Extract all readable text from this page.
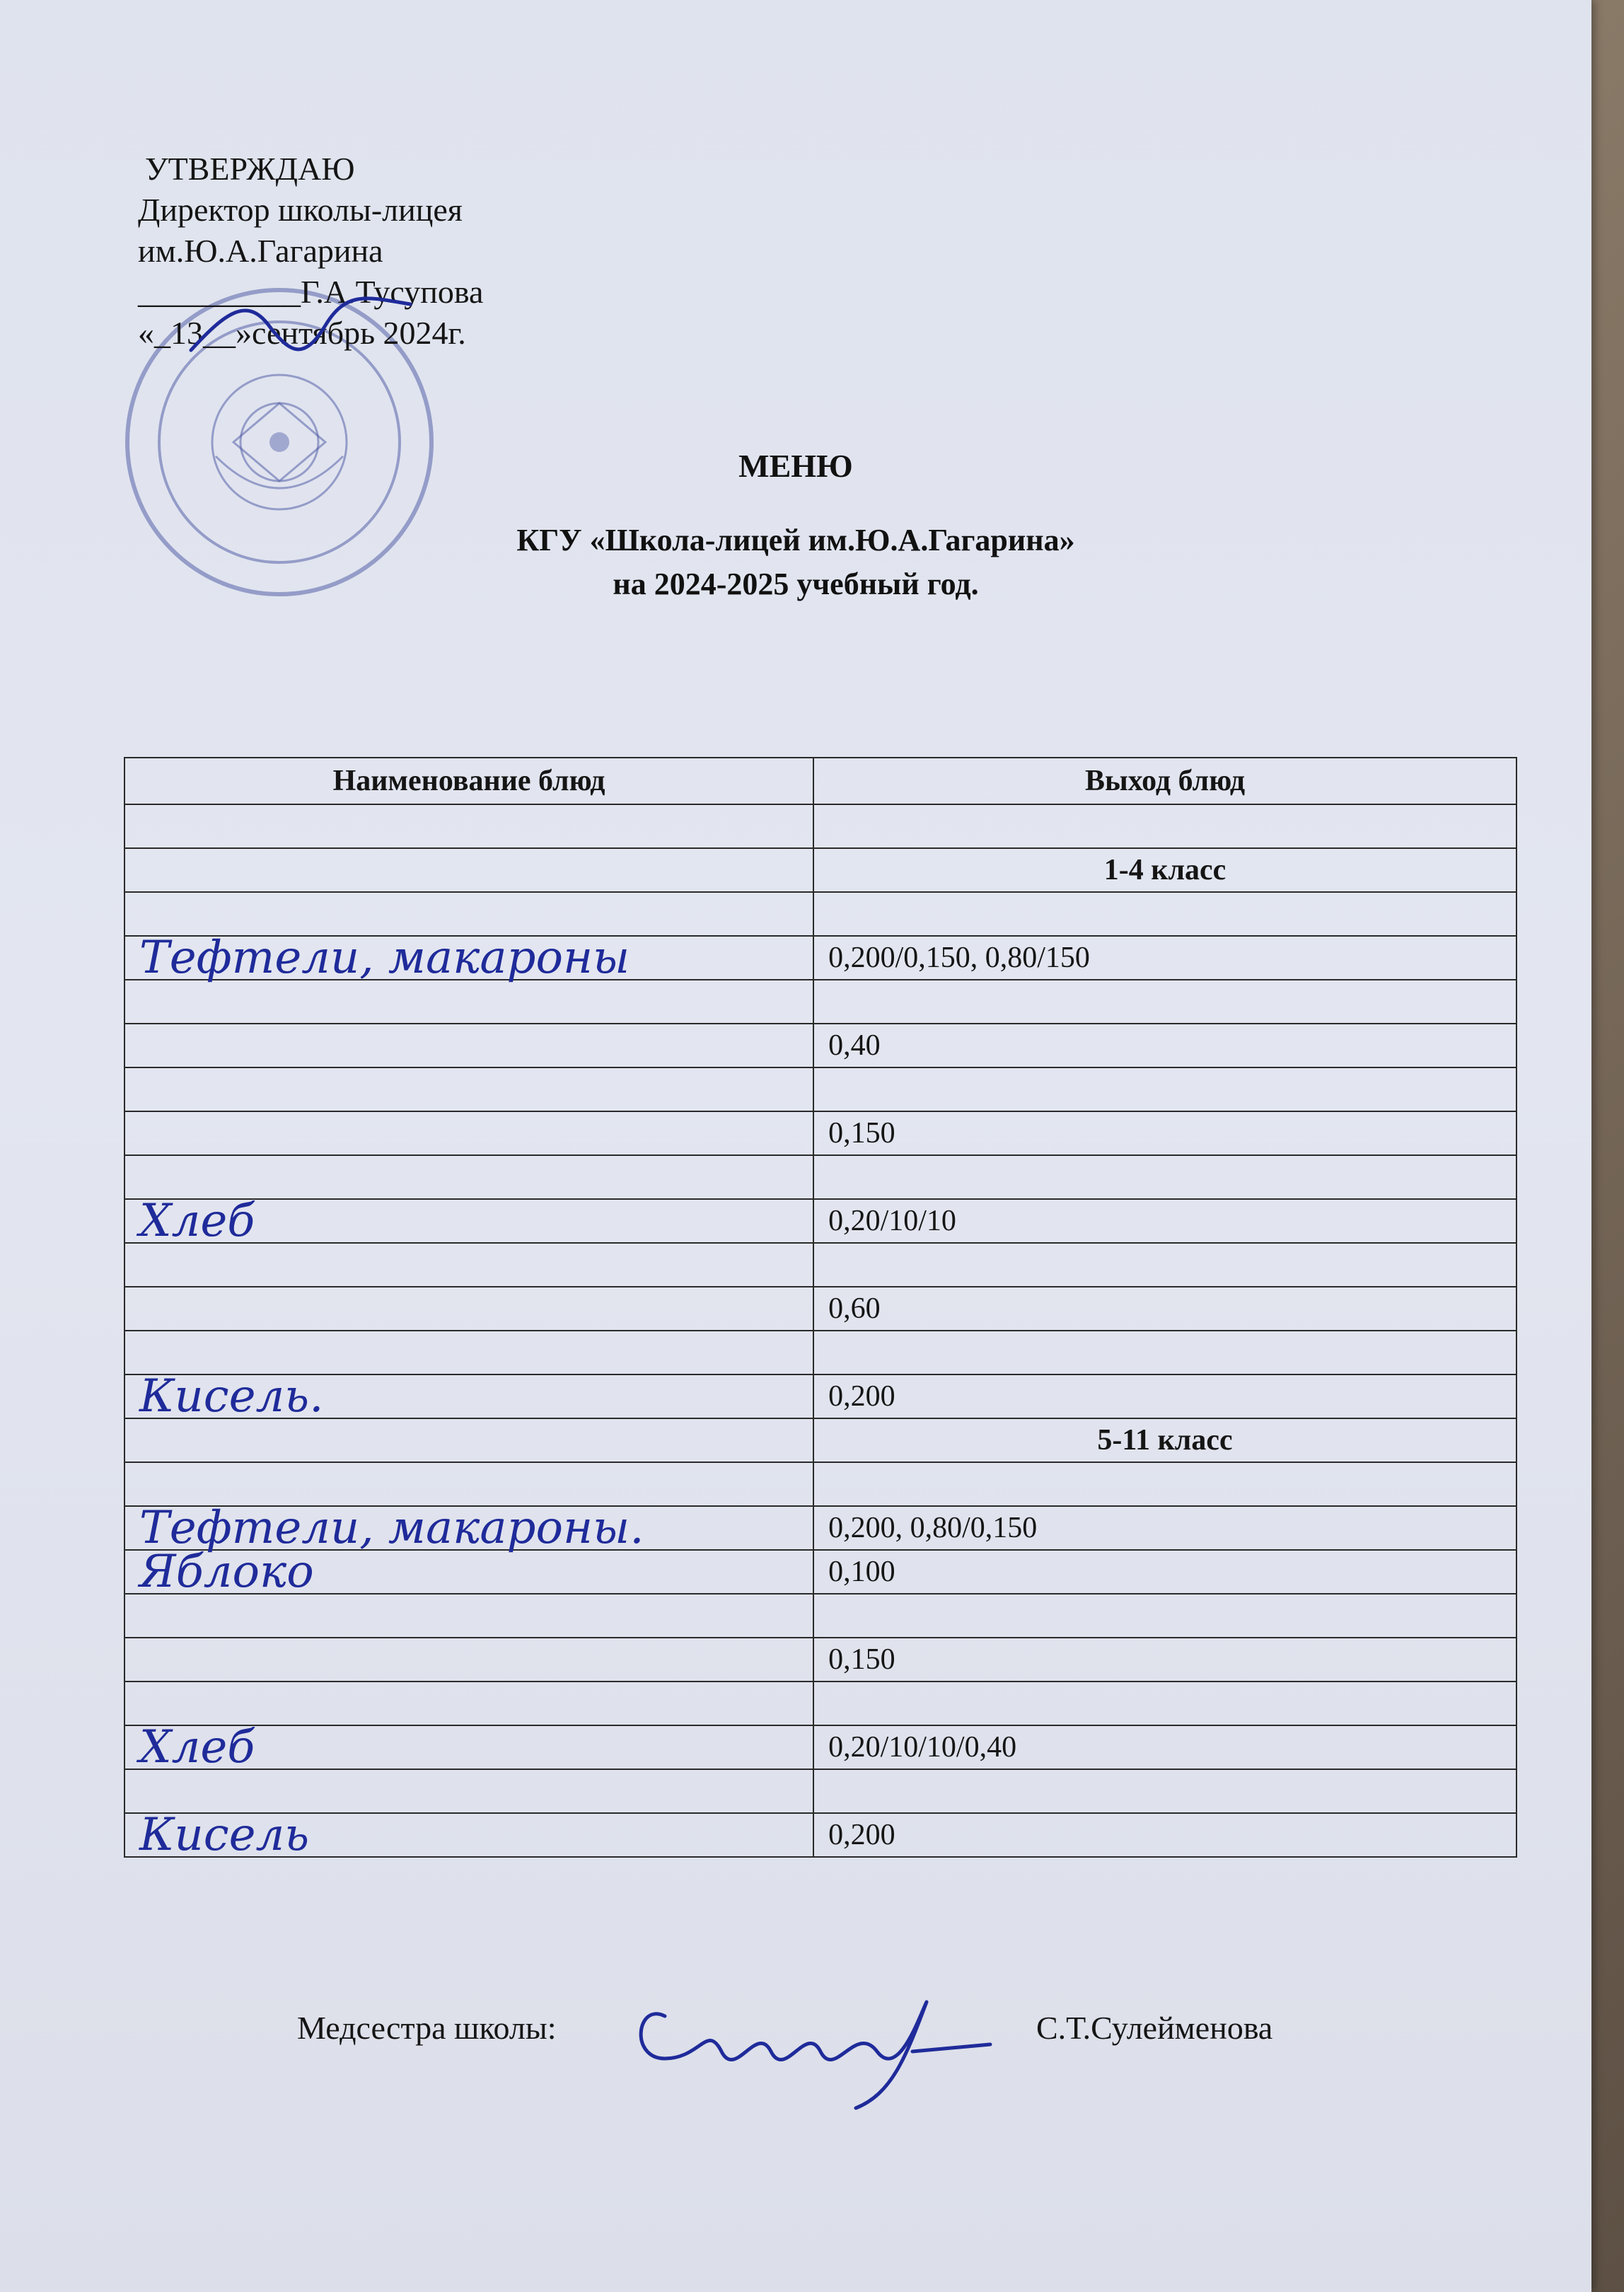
УТВЕРЖДАЮ
Директор школы-лицея
им.Ю.А.Гагарина
__________Г.А.Тусупова
«_13__»сентябрь 2024г.
МЕНЮ
КГУ «Школа-лицей им.Ю.А.Гагарина»
на 2024-2025 учебный год.
Наименование блюд	Выход блюд

	1-4 класс

Тефтели, макароны	0,200/0,150, 0,80/150

	0,40

	0,150

Хлеб	0,20/10/10

	0,60

Кисель.	0,200
	5-11 класс

Тефтели, макароны.	0,200, 0,80/0,150
Яблоко	0,100

	0,150

Хлеб	0,20/10/10/0,40

Кисель	0,200
Медсестра школы:	С.Т.Сулейменова
